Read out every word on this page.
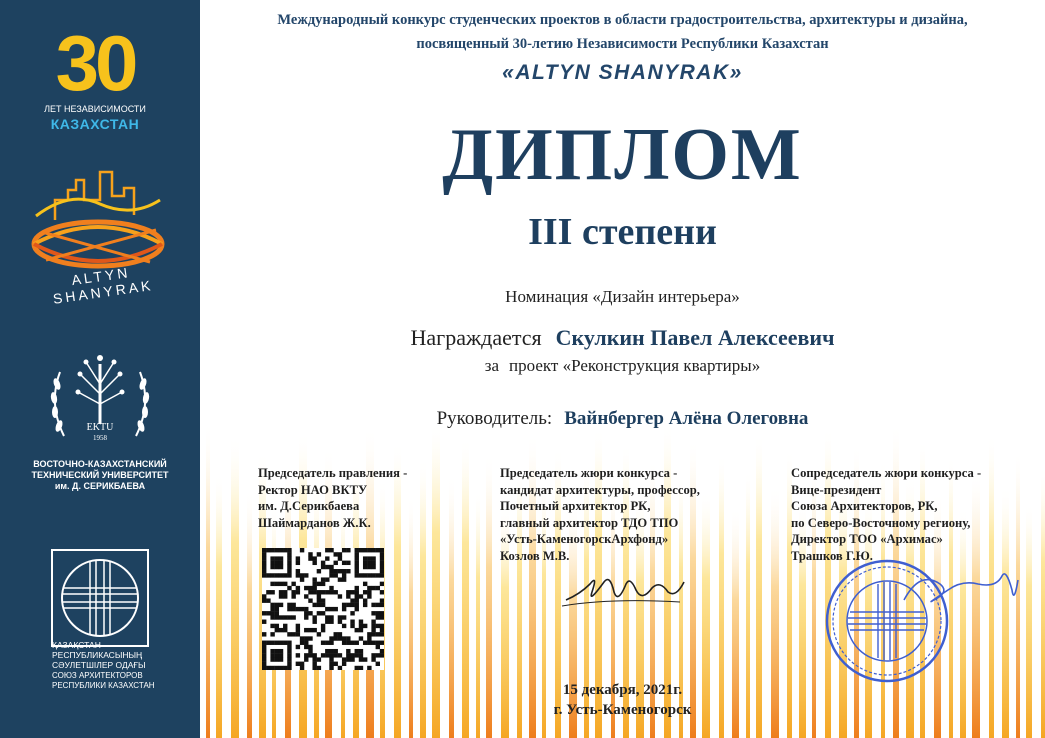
30
ЛЕТ НЕЗАВИСИМОСТИ
КАЗАХСТАН
ALTYN SHANYRAK
EKTU
1958
ВОСТОЧНО-КАЗАХСТАНСКИЙ
ТЕХНИЧЕСКИЙ УНИВЕРСИТЕТ
им. Д. СЕРИКБАЕВА
ҚАЗАҚСТАН
РЕСПУБЛИКАСЫНЫҢ
СӘУЛЕТШІЛЕР ОДАҒЫ
СОЮЗ АРХИТЕКТОРОВ
РЕСПУБЛИКИ КАЗАХСТАН
Международный конкурс студенческих проектов в области градостроительства, архитектуры и дизайна,
посвященный 30-летию Независимости Республики Казахстан
«ALTYN SHANYRAK»
ДИПЛОМ
III степени
Номинация «Дизайн интерьера»
Награждается Скулкин Павел Алексеевич
за проект «Реконструкция квартиры»
Руководитель: Вайнбергер Алёна Олеговна
Председатель правления -
Ректор НАО ВКТУ
им. Д.Серикбаева
Шаймарданов Ж.К.
Председатель жюри конкурса -
кандидат архитектуры, профессор,
Почетный архитектор РК,
главный архитектор ТДО ТПО
«Усть-КаменогорскАрхфонд»
Козлов М.В.
Сопредседатель жюри конкурса -
Вице-президент
Союза Архитекторов, РК,
по Северо-Восточному региону,
Директор ТОО «Архимас»
Трашков Г.Ю.
15 декабря, 2021г.
г. Усть-Каменогорск
